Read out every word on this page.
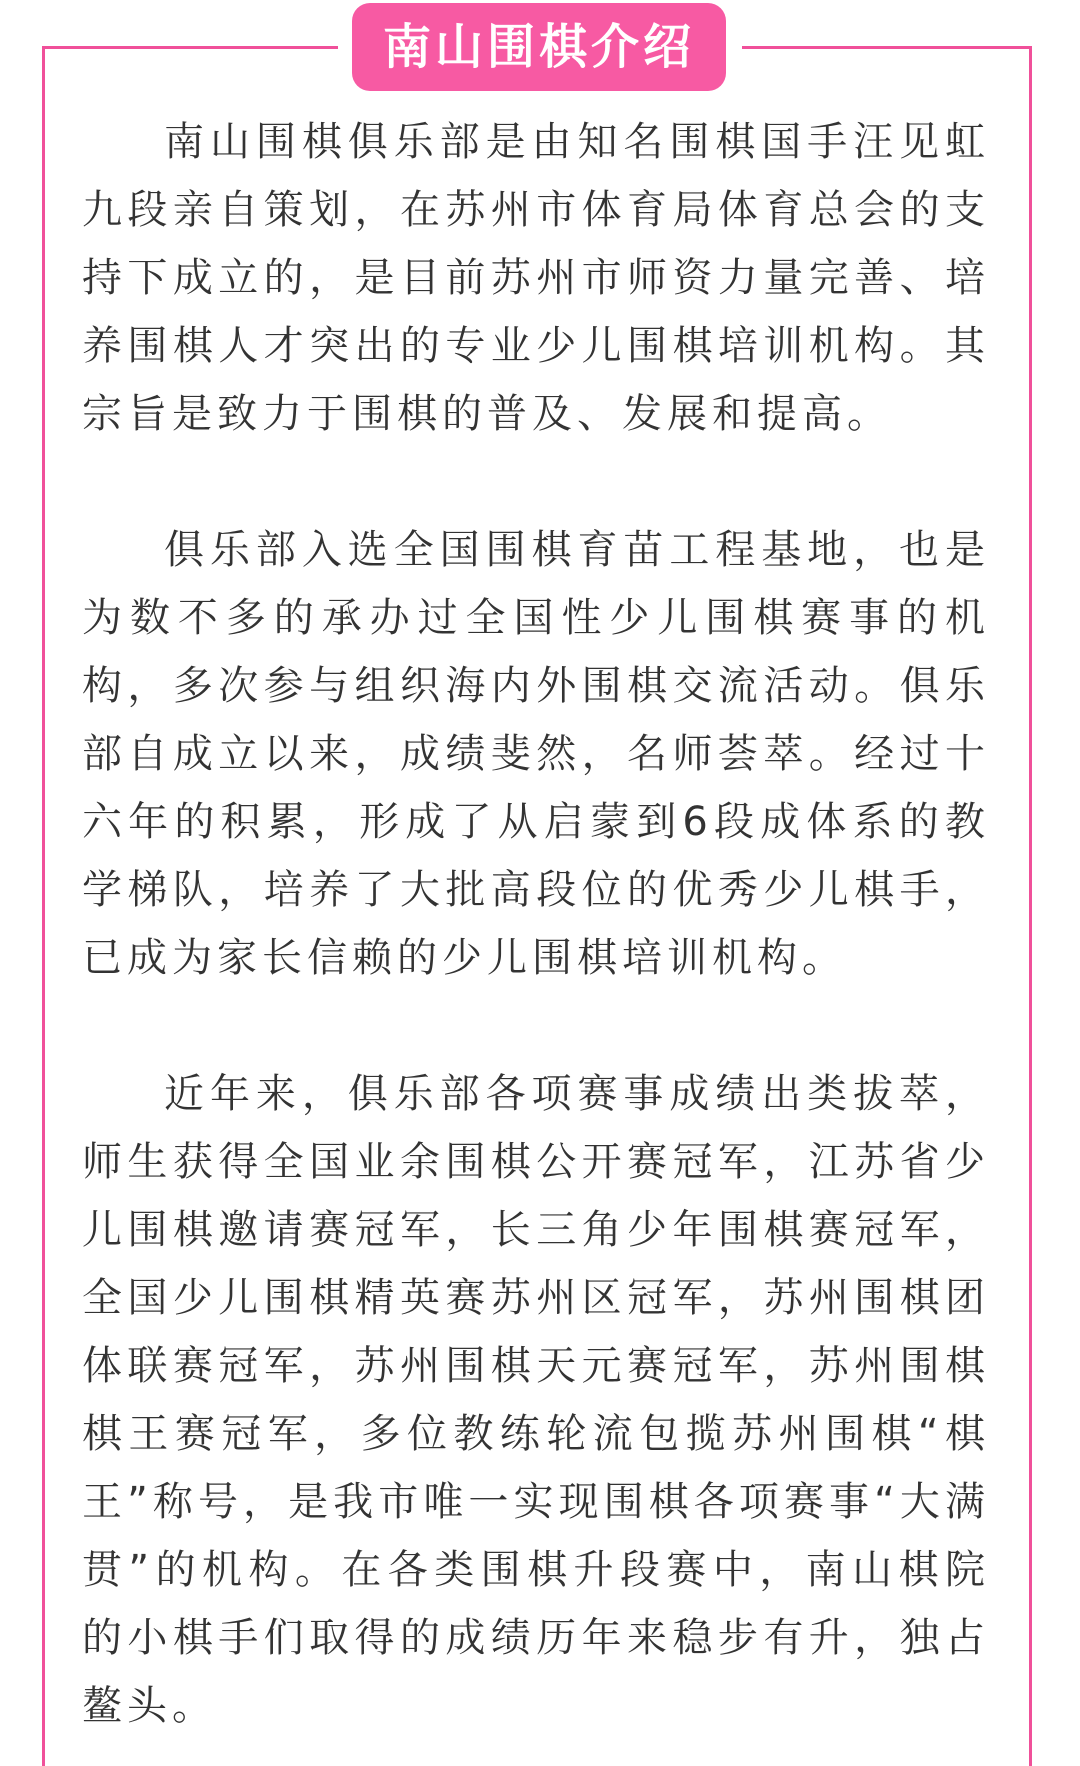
南山围棋介绍

南山围棋俱乐部是由知名围棋国手汪见虹九段亲自策划，在苏州市体育局体育总会的支持下成立的，是目前苏州市师资力量完善、培养围棋人才突出的专业少儿围棋培训机构。其宗旨是致力于围棋的普及、发展和提高。

俱乐部入选全国围棋育苗工程基地，也是为数不多的承办过全国性少儿围棋赛事的机构，多次参与组织海内外围棋交流活动。俱乐部自成立以来，成绩斐然，名师荟萃。经过十六年的积累，形成了从启蒙到6段成体系的教学梯队，培养了大批高段位的优秀少儿棋手，已成为家长信赖的少儿围棋培训机构。

近年来，俱乐部各项赛事成绩出类拔萃，师生获得全国业余围棋公开赛冠军，江苏省少儿围棋邀请赛冠军，长三角少年围棋赛冠军，全国少儿围棋精英赛苏州区冠军，苏州围棋团体联赛冠军，苏州围棋天元赛冠军，苏州围棋棋王赛冠军，多位教练轮流包揽苏州围棋“棋王”称号，是我市唯一实现围棋各项赛事“大满贯”的机构。在各类围棋升段赛中，南山棋院的小棋手们取得的成绩历年来稳步有升，独占鳌头。
